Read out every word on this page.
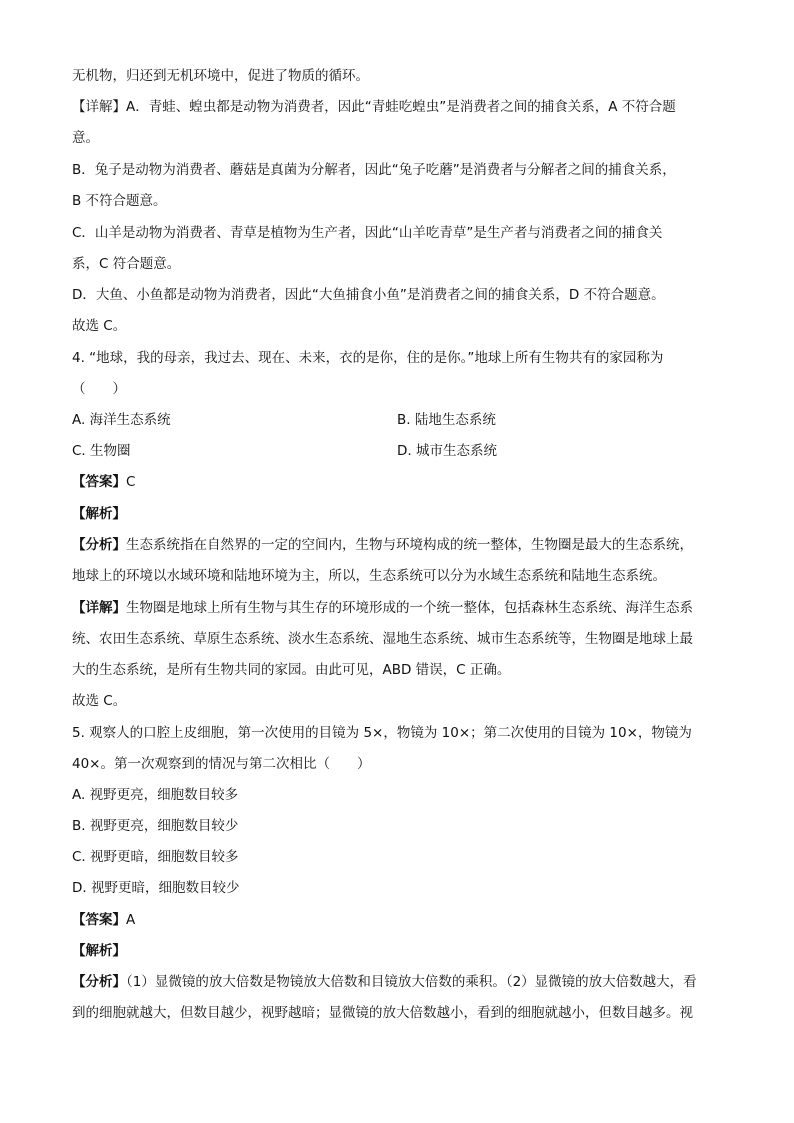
无机物，归还到无机环境中，促进了物质的循环。
【详解】A．青蛙、蝗虫都是动物为消费者，因此“青蛙吃蝗虫”是消费者之间的捕食关系，A 不符合题
意。
B．兔子是动物为消费者、蘑菇是真菌为分解者，因此“兔子吃蘑”是消费者与分解者之间的捕食关系，
B 不符合题意。
C．山羊是动物为消费者、青草是植物为生产者，因此“山羊吃青草”是生产者与消费者之间的捕食关
系，C 符合题意。
D．大鱼、小鱼都是动物为消费者，因此“大鱼捕食小鱼”是消费者之间的捕食关系，D 不符合题意。
故选 C。
4. “地球，我的母亲，我过去、现在、未来，衣的是你，住的是你。”地球上所有生物共有的家园称为
（　　）
A. 海洋生态系统	B. 陆地生态系统
C. 生物圈	D. 城市生态系统
【答案】C
【解析】
【分析】生态系统指在自然界的一定的空间内，生物与环境构成的统一整体，生物圈是最大的生态系统，
地球上的环境以水域环境和陆地环境为主，所以，生态系统可以分为水域生态系统和陆地生态系统。
【详解】生物圈是地球上所有生物与其生存的环境形成的一个统一整体，包括森林生态系统、海洋生态系
统、农田生态系统、草原生态系统、淡水生态系统、湿地生态系统、城市生态系统等，生物圈是地球上最
大的生态系统，是所有生物共同的家园。由此可见，ABD 错误，C 正确。
故选 C。
5. 观察人的口腔上皮细胞，第一次使用的目镜为 5×，物镜为 10×；第二次使用的目镜为 10×，物镜为
40×。第一次观察到的情况与第二次相比（　　）
A. 视野更亮，细胞数目较多
B. 视野更亮，细胞数目较少
C. 视野更暗，细胞数目较多
D. 视野更暗，细胞数目较少
【答案】A
【解析】
【分析】（1）显微镜的放大倍数是物镜放大倍数和目镜放大倍数的乘积。（2）显微镜的放大倍数越大，看
到的细胞就越大，但数目越少，视野越暗；显微镜的放大倍数越小，看到的细胞就越小，但数目越多。视
